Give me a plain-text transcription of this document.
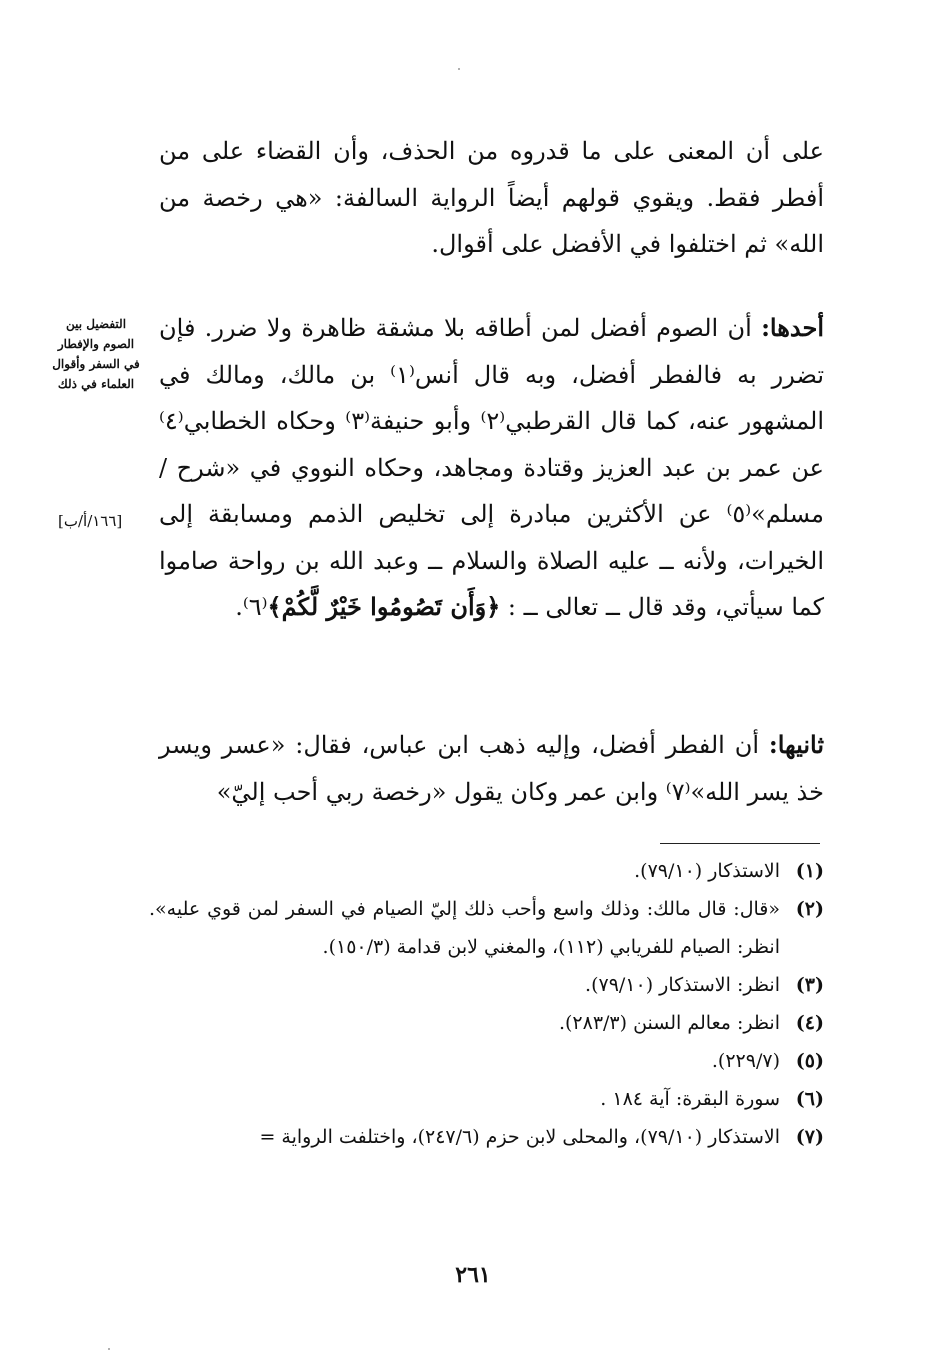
على أن المعنى على ما قدروه من الحذف، وأن القضاء على من أفطر فقط. ويقوي قولهم أيضاً الرواية السالفة: «هي رخصة من الله» ثم اختلفوا في الأفضل على أقوال.

أحدها: أن الصوم أفضل لمن أطاقه بلا مشقة ظاهرة ولا ضرر. فإن تضرر به فالفطر أفضل، وبه قال أنس⁽١⁾ بن مالك، ومالك في المشهور عنه، كما قال القرطبي⁽٢⁾ وأبو حنيفة⁽٣⁾ وحكاه الخطابي⁽٤⁾ عن عمر بن عبد العزيز وقتادة ومجاهد، وحكاه النووي في «شرح / مسلم»⁽٥⁾ عن الأكثرين مبادرة إلى تخليص الذمم ومسابقة إلى الخيرات، ولأنه ــ عليه الصلاة والسلام ــ وعبد الله بن رواحة صاموا كما سيأتي، وقد قال ــ تعالى ــ : ﴿وَأَن تَصُومُوا خَيْرٌ لَّكُمْ﴾⁽٦⁾.

ثانيها: أن الفطر أفضل، وإليه ذهب ابن عباس، فقال: «عسر ويسر خذ يسر الله»⁽٧⁾ وابن عمر وكان يقول «رخصة ربي أحب إليّ»

التفضيل بين الصوم والإفطار في السفر وأقوال العلماء في ذلك
[١٦٦/أ/ب]

(١)
الاستذكار (٧٩/١٠).

(٢)
«قال: قال مالك: وذلك واسع وأحب ذلك إليّ الصيام في السفر لمن قوي عليه». انظر: الصيام للفريابي (١١٢)، والمغني لابن قدامة (١٥٠/٣).

(٣)
انظر: الاستذكار (٧٩/١٠).

(٤)
انظر: معالم السنن (٢٨٣/٣).

(٥)
(٢٢٩/٧).

(٦)
سورة البقرة: آية ١٨٤ .

(٧)
الاستذكار (٧٩/١٠)، والمحلى لابن حزم (٢٤٧/٦)، واختلفت الرواية =

٢٦١
